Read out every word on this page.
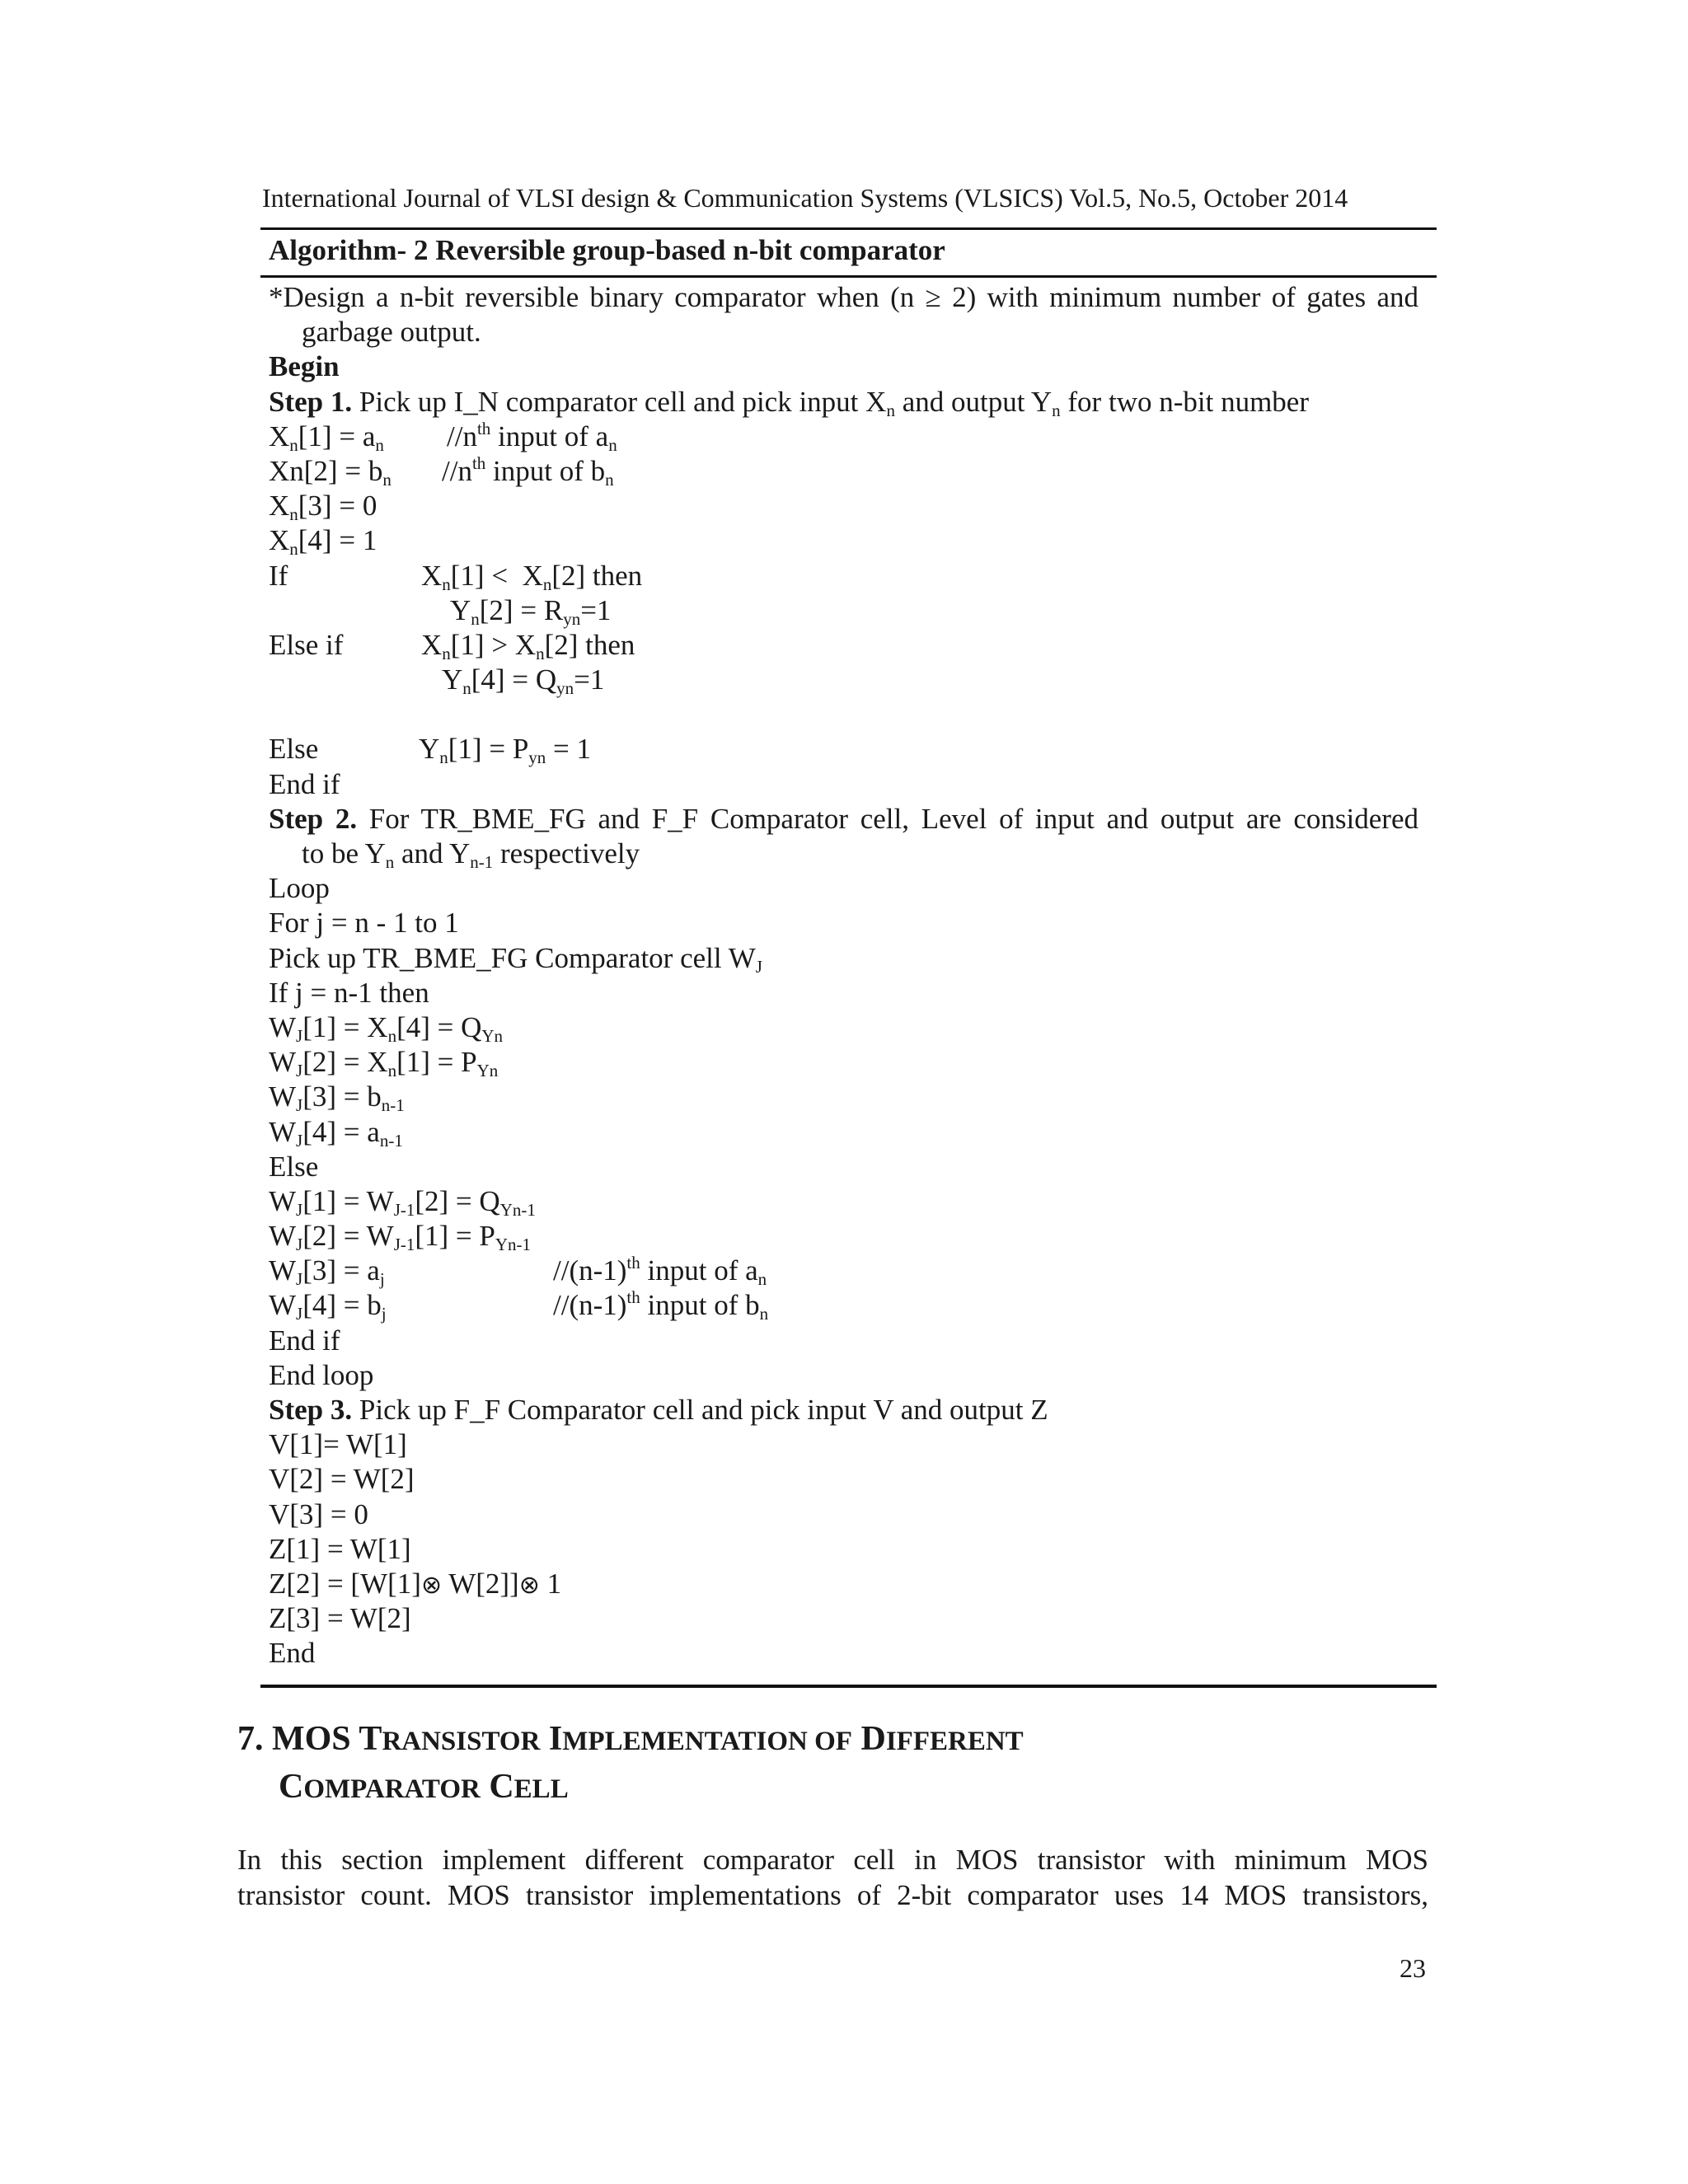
International Journal of VLSI design & Communication Systems (VLSICS) Vol.5, No.5, October 2014
Algorithm- 2 Reversible group-based n-bit comparator
*Design a n-bit reversible binary comparator when (n ≥ 2) with minimum number of gates and
garbage output.
Begin
Step 1. Pick up I_N comparator cell and pick input $X_n$ and output $Y_n$ for two n-bit number
$X_n[1] = a_n$ $//n^{th}$ input of $a_n$
$Xn[2] = b_n$ $//n^{th}$ input of $b_n$
$X_n[3] = 0$
$X_n[4] = 1$
If	$X_n[1] < X_n[2]$ then
$Y_n[2] = R_{yn}=1$
Else if	$X_n[1] > X_n[2]$ then
$Y_n[4] = Q_{yn}=1$
Else	$Y_n[1] = P_{yn} = 1$
End if
Step 2. For TR_BME_FG and F_F Comparator cell, Level of input and output are considered
to be $Y_n$ and $Y_{n-1}$ respectively
Loop
For j = n - 1 to 1
Pick up TR_BME_FG Comparator cell $W_J$
If j = n-1 then
$W_J[1] = X_n[4] = Q_{Yn}$
$W_J[2] = X_n[1] = P_{Yn}$
$W_J[3] = b_{n-1}$
$W_J[4] = a_{n-1}$
Else
$W_J[1] = W_{J-1}[2] = Q_{Yn-1}$
$W_J[2] = W_{J-1}[1] = P_{Yn-1}$
$W_J[3] = a_j$	$//(n-1)^{th}$ input of $a_n$
$W_J[4] = b_j$	$//(n-1)^{th}$ input of $b_n$
End if
End loop
Step 3. Pick up F_F Comparator cell and pick input V and output Z
V[1]= W[1]
V[2] = W[2]
V[3] = 0
Z[1] = W[1]
Z[2] = [W[1]⊗ W[2]]⊗ 1
Z[3] = W[2]
End
7. MOS TRANSISTOR IMPLEMENTATION OF DIFFERENT
COMPARATOR CELL
In this section implement different comparator cell in MOS transistor with minimum MOS
transistor count. MOS transistor implementations of 2-bit comparator uses 14 MOS transistors,
23
